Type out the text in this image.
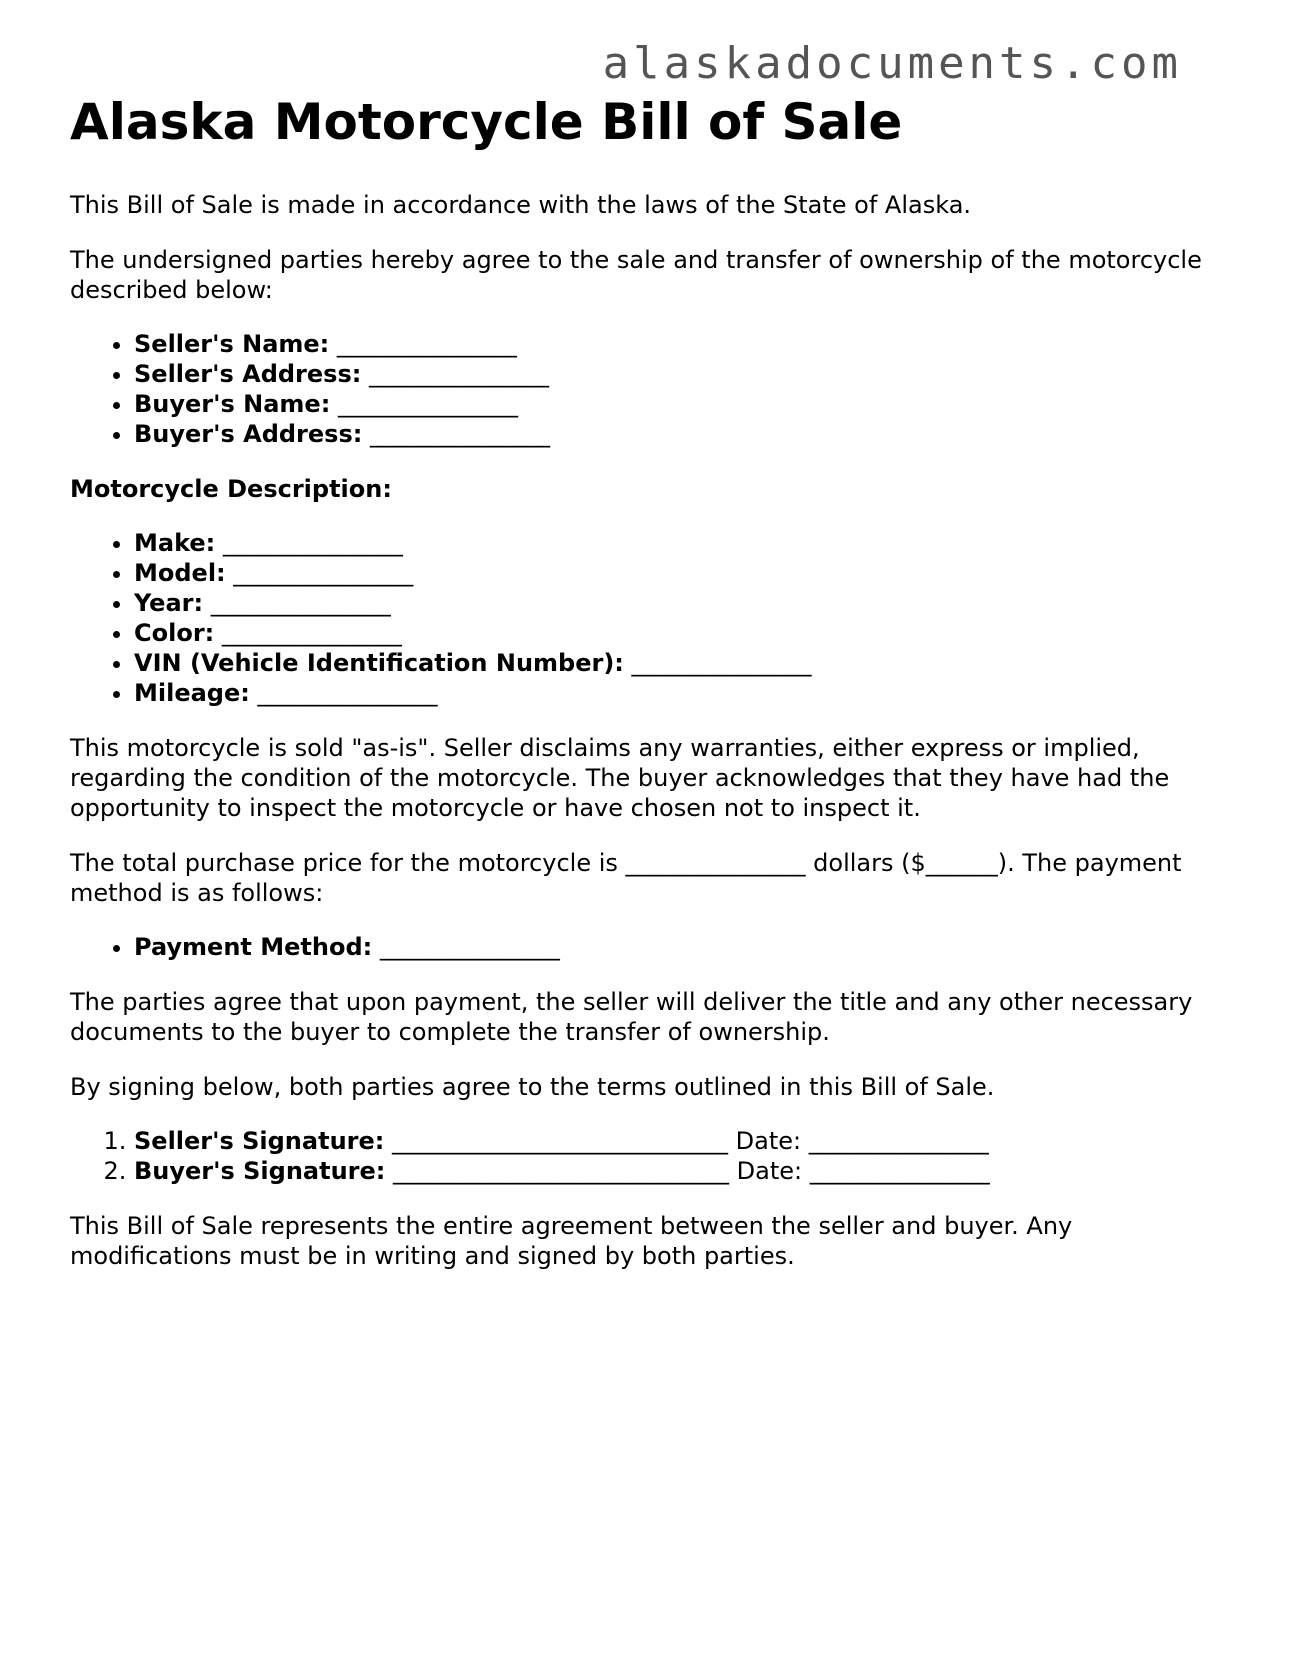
alaskadocuments.com
Alaska Motorcycle Bill of Sale

This Bill of Sale is made in accordance with the laws of the State of Alaska.

The undersigned parties hereby agree to the sale and transfer of ownership of the motorcycle described below:

• Seller's Name: _______________
• Seller's Address: _______________
• Buyer's Name: _______________
• Buyer's Address: _______________

Motorcycle Description:

• Make: _______________
• Model: _______________
• Year: _______________
• Color: _______________
• VIN (Vehicle Identification Number): _______________
• Mileage: _______________

This motorcycle is sold "as-is". Seller disclaims any warranties, either express or implied, regarding the condition of the motorcycle. The buyer acknowledges that they have had the opportunity to inspect the motorcycle or have chosen not to inspect it.

The total purchase price for the motorcycle is _______________ dollars ($______). The payment method is as follows:

• Payment Method: _______________

The parties agree that upon payment, the seller will deliver the title and any other necessary documents to the buyer to complete the transfer of ownership.

By signing below, both parties agree to the terms outlined in this Bill of Sale.

1. Seller's Signature: ____________________________ Date: _______________
2. Buyer's Signature: ____________________________ Date: _______________

This Bill of Sale represents the entire agreement between the seller and buyer. Any modifications must be in writing and signed by both parties.
